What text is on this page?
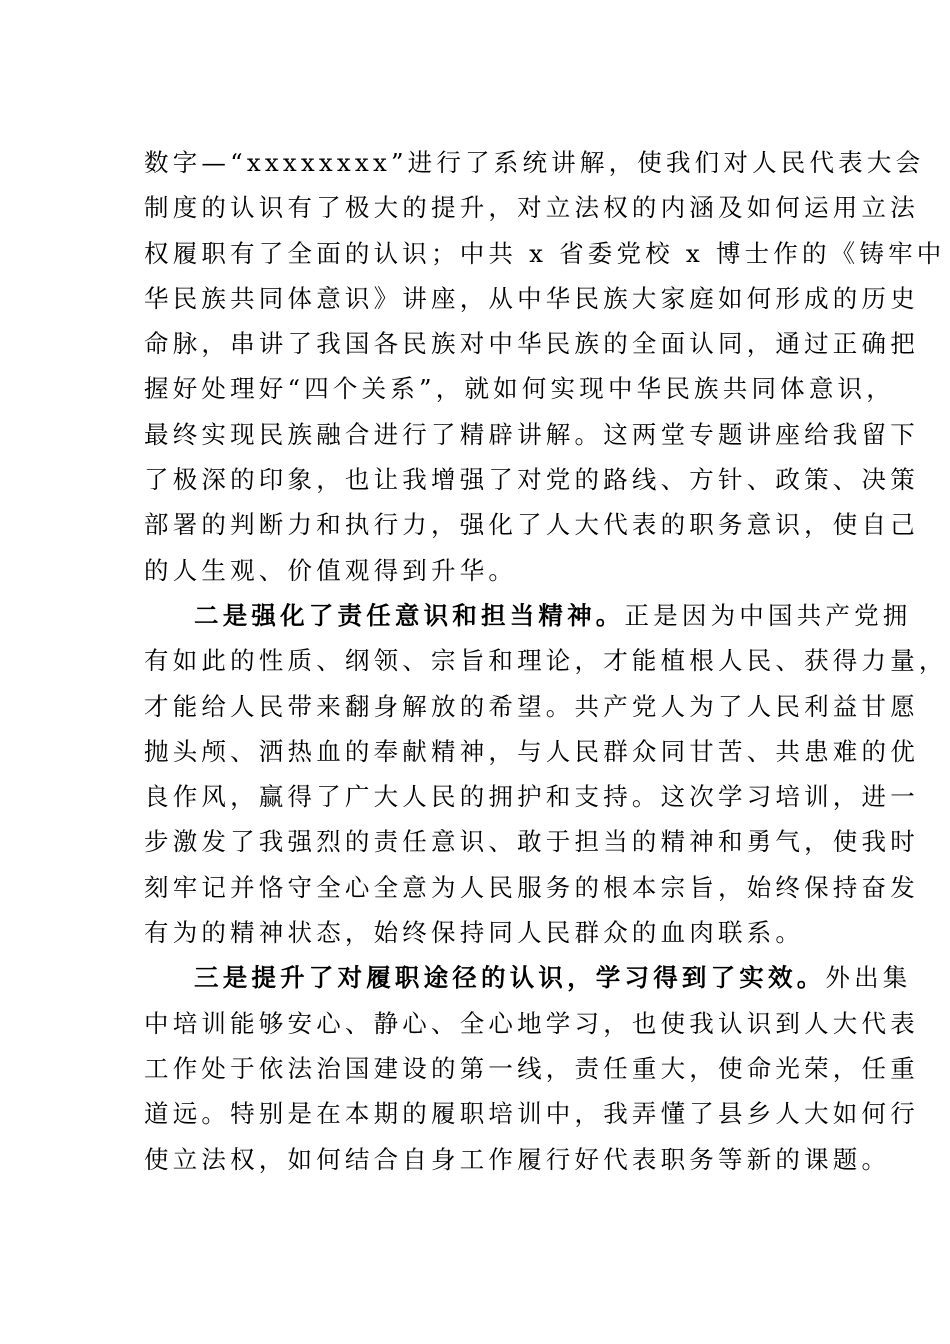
数字—“xxxxxxxx”进行了系统讲解，使我们对人民代表大会
制度的认识有了极大的提升，对立法权的内涵及如何运用立法
权履职有了全面的认识；中共 x 省委党校 x 博士作的《铸牢中
华民族共同体意识》讲座，从中华民族大家庭如何形成的历史
命脉，串讲了我国各民族对中华民族的全面认同，通过正确把
握好处理好“四个关系”，就如何实现中华民族共同体意识，
最终实现民族融合进行了精辟讲解。这两堂专题讲座给我留下
了极深的印象，也让我增强了对党的路线、方针、政策、决策
部署的判断力和执行力，强化了人大代表的职务意识，使自己
的人生观、价值观得到升华。
二是强化了责任意识和担当精神。正是因为中国共产党拥
有如此的性质、纲领、宗旨和理论，才能植根人民、获得力量，
才能给人民带来翻身解放的希望。共产党人为了人民利益甘愿
抛头颅、洒热血的奉献精神，与人民群众同甘苦、共患难的优
良作风，赢得了广大人民的拥护和支持。这次学习培训，进一
步激发了我强烈的责任意识、敢于担当的精神和勇气，使我时
刻牢记并恪守全心全意为人民服务的根本宗旨，始终保持奋发
有为的精神状态，始终保持同人民群众的血肉联系。
三是提升了对履职途径的认识，学习得到了实效。外出集
中培训能够安心、静心、全心地学习，也使我认识到人大代表
工作处于依法治国建设的第一线，责任重大，使命光荣，任重
道远。特别是在本期的履职培训中，我弄懂了县乡人大如何行
使立法权，如何结合自身工作履行好代表职务等新的课题。
